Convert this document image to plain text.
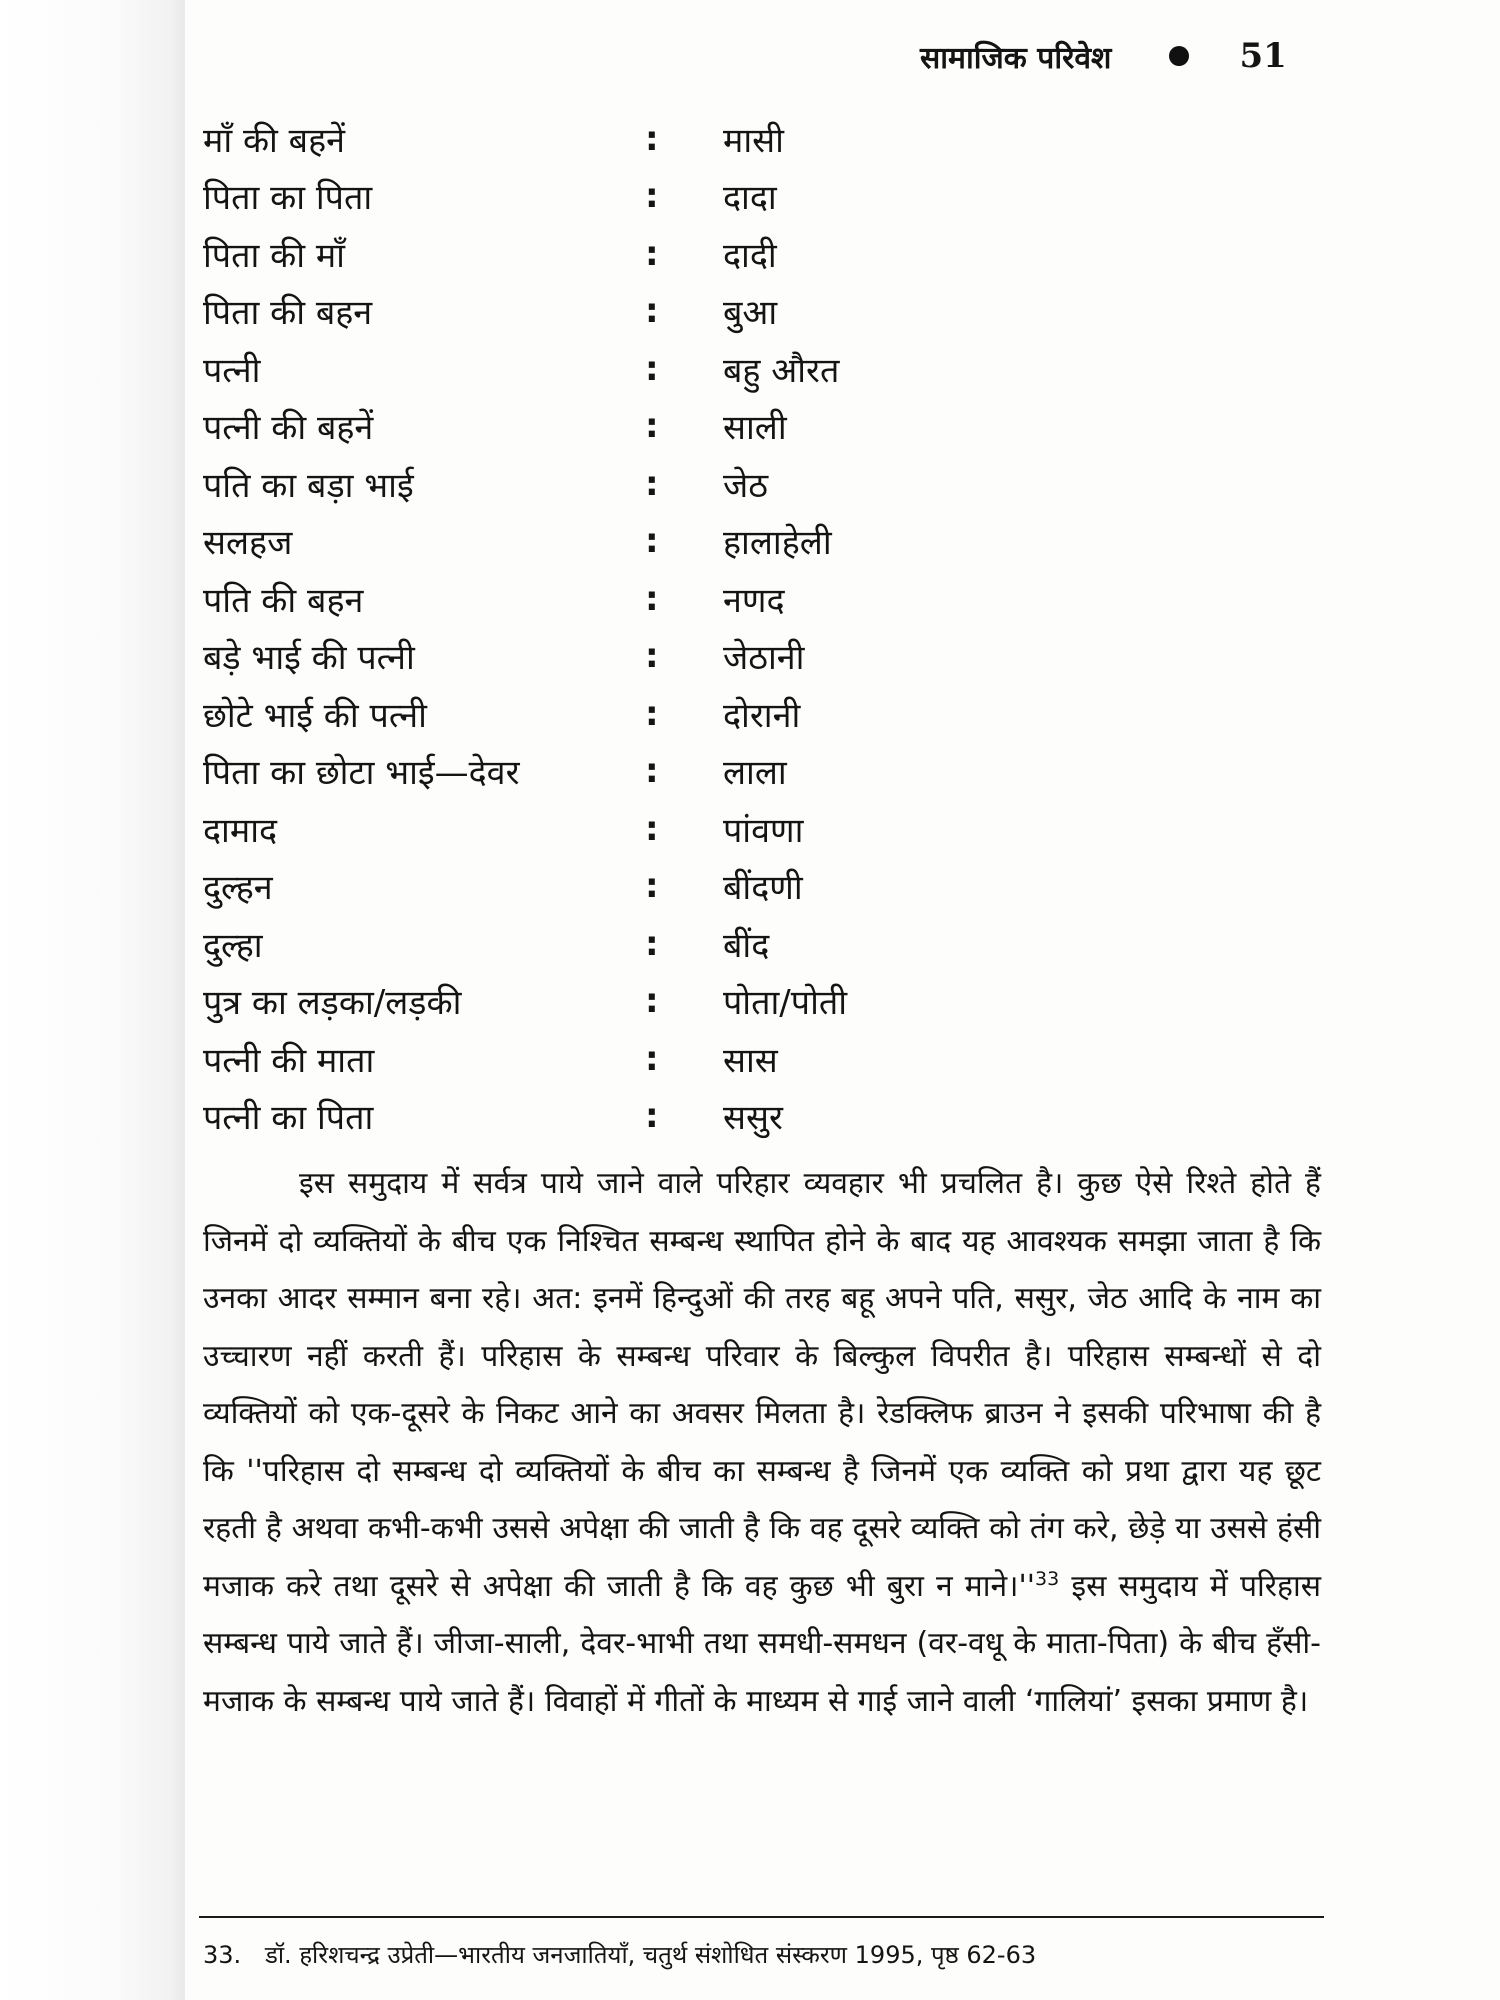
सामाजिक परिवेश	51
माँ की बहनें	:	मासी
पिता का पिता	:	दादा
पिता की माँ	:	दादी
पिता की बहन	:	बुआ
पत्नी	:	बहु औरत
पत्नी की बहनें	:	साली
पति का बड़ा भाई	:	जेठ
सलहज	:	हालाहेली
पति की बहन	:	नणद
बड़े भाई की पत्नी	:	जेठानी
छोटे भाई की पत्नी	:	दोरानी
पिता का छोटा भाई—देवर	:	लाला
दामाद	:	पांवणा
दुल्हन	:	बींदणी
दुल्हा	:	बींद
पुत्र का लड़का/लड़की	:	पोता/पोती
पत्नी की माता	:	सास
पत्नी का पिता	:	ससुर

इस समुदाय में सर्वत्र पाये जाने वाले परिहार व्यवहार भी प्रचलित है। कुछ ऐसे रिश्ते होते हैं जिनमें दो व्यक्तियों के बीच एक निश्चित सम्बन्ध स्थापित होने के बाद यह आवश्यक समझा जाता है कि उनका आदर सम्मान बना रहे। अत: इनमें हिन्दुओं की तरह बहू अपने पति, ससुर, जेठ आदि के नाम का उच्चारण नहीं करती हैं। परिहास के सम्बन्ध परिवार के बिल्कुल विपरीत है। परिहास सम्बन्धों से दो व्यक्तियों को एक-दूसरे के निकट आने का अवसर मिलता है। रेडक्लिफ ब्राउन ने इसकी परिभाषा की है कि ''परिहास दो सम्बन्ध दो व्यक्तियों के बीच का सम्बन्ध है जिनमें एक व्यक्ति को प्रथा द्वारा यह छूट रहती है अथवा कभी-कभी उससे अपेक्षा की जाती है कि वह दूसरे व्यक्ति को तंग करे, छेड़े या उससे हंसी मजाक करे तथा दूसरे से अपेक्षा की जाती है कि वह कुछ भी बुरा न $माने।''^{33}$ इस समुदाय में परिहास सम्बन्ध पाये जाते हैं। जीजा-साली, देवर-भाभी तथा समधी-समधन (वर-वधू के माता-पिता) के बीच हँसी-मजाक के सम्बन्ध पाये जाते हैं। विवाहों में गीतों के माध्यम से गाई जाने वाली ‘गालियां’ इसका प्रमाण है।

33. डॉ. हरिशचन्द्र उप्रेती—भारतीय जनजातियाँ, चतुर्थ संशोधित संस्करण 1995, पृष्ठ 62-63
